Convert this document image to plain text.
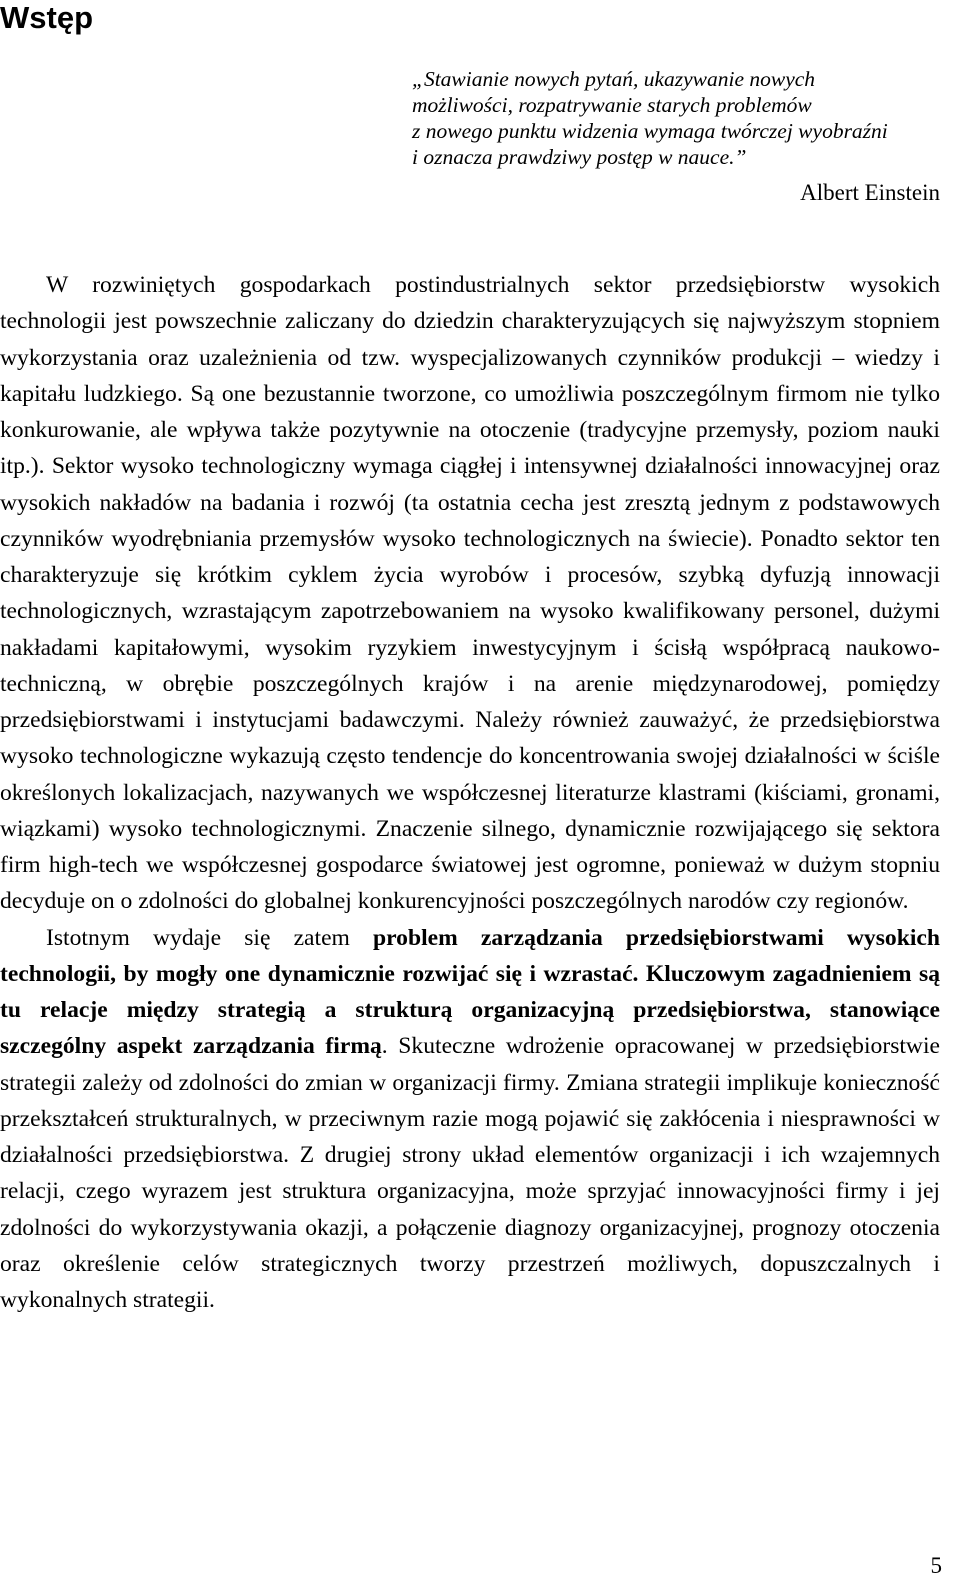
Wstęp
„Stawianie nowych pytań, ukazywanie nowych
możliwości, rozpatrywanie starych problemów
z nowego punktu widzenia wymaga twórczej wyobraźni
i oznacza prawdziwy postęp w nauce.”
Albert Einstein

W rozwiniętych gospodarkach postindustrialnych sektor przedsiębiorstw wysokich technologii jest powszechnie zaliczany do dziedzin charakteryzujących się najwyższym stopniem wykorzystania oraz uzależnienia od tzw. wyspecjalizowanych czynników produkcji – wiedzy i kapitału ludzkiego. Są one bezustannie tworzone, co umożliwia poszczególnym firmom nie tylko konkurowanie, ale wpływa także pozytywnie na otoczenie (tradycyjne przemysły, poziom nauki itp.). Sektor wysoko technologiczny wymaga ciągłej i intensywnej działalności innowacyjnej oraz wysokich nakładów na badania i rozwój (ta ostatnia cecha jest zresztą jednym z podstawowych czynników wyodrębniania przemysłów wysoko technologicznych na świecie). Ponadto sektor ten charakteryzuje się krótkim cyklem życia wyrobów i procesów, szybką dyfuzją innowacji technologicznych, wzrastającym zapotrzebowaniem na wysoko kwalifikowany personel, dużymi nakładami kapitałowymi, wysokim ryzykiem inwestycyjnym i ścisłą współpracą naukowo-techniczną, w obrębie poszczególnych krajów i na arenie międzynarodowej, pomiędzy przedsiębiorstwami i instytucjami badawczymi. Należy również zauważyć, że przedsiębiorstwa wysoko technologiczne wykazują często tendencje do koncentrowania swojej działalności w ściśle określonych lokalizacjach, nazywanych we współczesnej literaturze klastrami (kiściami, gronami, wiązkami) wysoko technologicznymi. Znaczenie silnego, dynamicznie rozwijającego się sektora firm high-tech we współczesnej gospodarce światowej jest ogromne, ponieważ w dużym stopniu decyduje on o zdolności do globalnej konkurencyjności poszczególnych narodów czy regionów.

Istotnym wydaje się zatem problem zarządzania przedsiębiorstwami wysokich technologii, by mogły one dynamicznie rozwijać się i wzrastać. Kluczowym zagadnieniem są tu relacje między strategią a strukturą organizacyjną przedsiębiorstwa, stanowiące szczególny aspekt zarządzania firmą. Skuteczne wdrożenie opracowanej w przedsiębiorstwie strategii zależy od zdolności do zmian w organizacji firmy. Zmiana strategii implikuje konieczność przekształceń strukturalnych, w przeciwnym razie mogą pojawić się zakłócenia i niesprawności w działalności przedsiębiorstwa. Z drugiej strony układ elementów organizacji i ich wzajemnych relacji, czego wyrazem jest struktura organizacyjna, może sprzyjać innowacyjności firmy i jej zdolności do wykorzystywania okazji, a połączenie diagnozy organizacyjnej, prognozy otoczenia oraz określenie celów strategicznych tworzy przestrzeń możliwych, dopuszczalnych i wykonalnych strategii.

5
